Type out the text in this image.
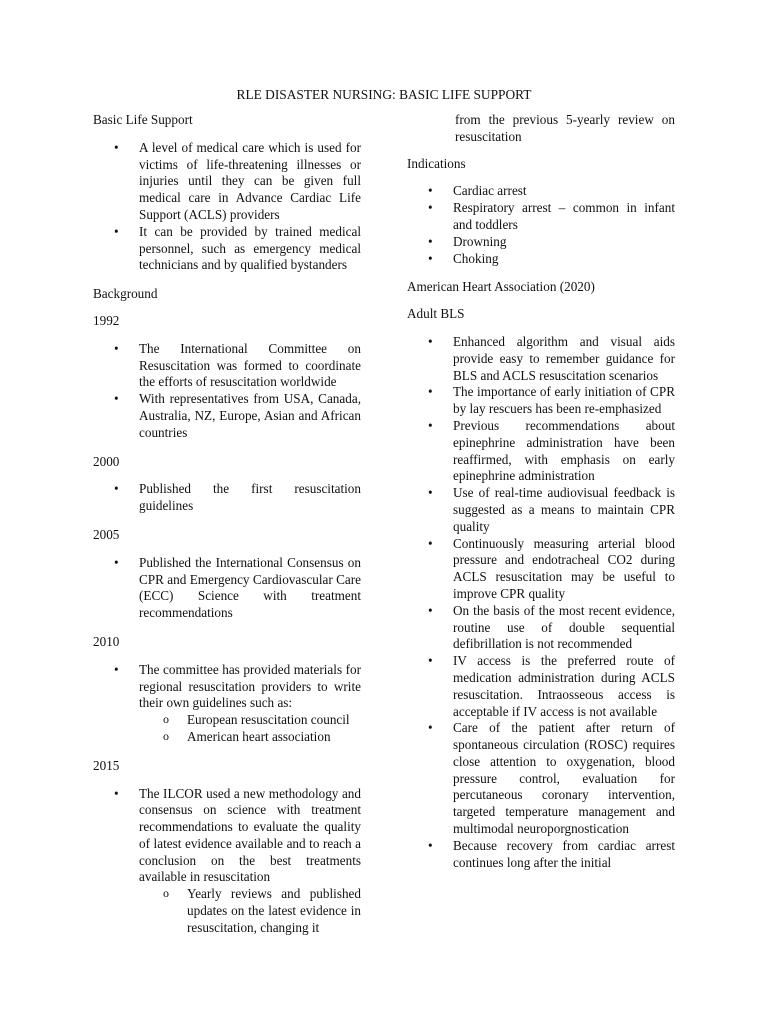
RLE DISASTER NURSING: BASIC LIFE SUPPORT

Basic Life Support

• A level of medical care which is used for victims of life-threatening illnesses or injuries until they can be given full medical care in Advance Cardiac Life Support (ACLS) providers
• It can be provided by trained medical personnel, such as emergency medical technicians and by qualified bystanders

Background

1992

• The International Committee on Resuscitation was formed to coordinate the efforts of resuscitation worldwide
• With representatives from USA, Canada, Australia, NZ, Europe, Asian and African countries

2000

• Published the first resuscitation guidelines

2005

• Published the International Consensus on CPR and Emergency Cardiovascular Care (ECC) Science with treatment recommendations

2010

• The committee has provided materials for regional resuscitation providers to write their own guidelines such as:
o European resuscitation council
o American heart association

2015

• The ILCOR used a new methodology and consensus on science with treatment recommendations to evaluate the quality of latest evidence available and to reach a conclusion on the best treatments available in resuscitation
o Yearly reviews and published updates on the latest evidence in resuscitation, changing it
from the previous 5-yearly review on resuscitation

Indications

• Cardiac arrest
• Respiratory arrest – common in infant and toddlers
• Drowning
• Choking

American Heart Association (2020)

Adult BLS

• Enhanced algorithm and visual aids provide easy to remember guidance for BLS and ACLS resuscitation scenarios
• The importance of early initiation of CPR by lay rescuers has been re-emphasized
• Previous recommendations about epinephrine administration have been reaffirmed, with emphasis on early epinephrine administration
• Use of real-time audiovisual feedback is suggested as a means to maintain CPR quality
• Continuously measuring arterial blood pressure and endotracheal CO2 during ACLS resuscitation may be useful to improve CPR quality
• On the basis of the most recent evidence, routine use of double sequential defibrillation is not recommended
• IV access is the preferred route of medication administration during ACLS resuscitation. Intraosseous access is acceptable if IV access is not available
• Care of the patient after return of spontaneous circulation (ROSC) requires close attention to oxygenation, blood pressure control, evaluation for percutaneous coronary intervention, targeted temperature management and multimodal neuroporgnostication
• Because recovery from cardiac arrest continues long after the initial
